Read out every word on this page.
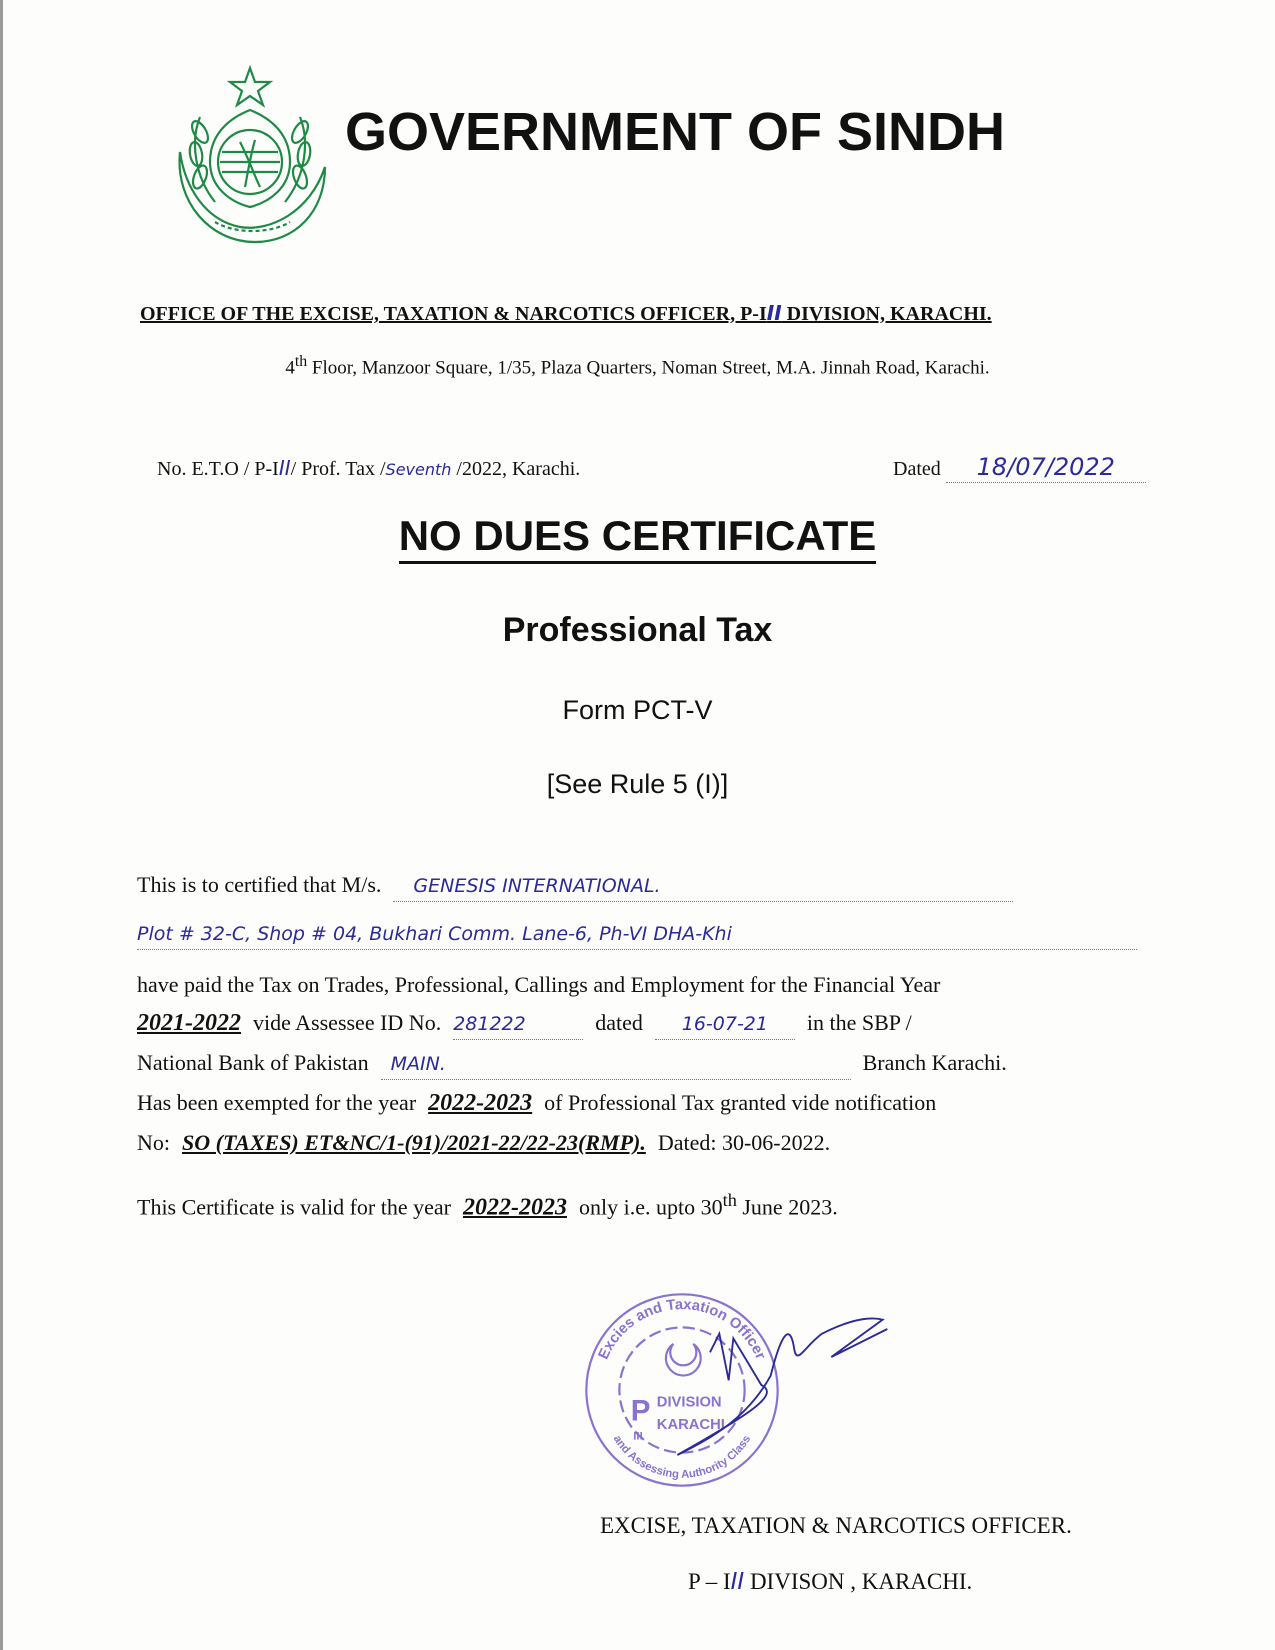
GOVERNMENT OF SINDH
OFFICE OF THE EXCISE, TAXATION & NARCOTICS OFFICER, P-III DIVISION, KARACHI.
4th Floor, Manzoor Square, 1/35, Plaza Quarters, Noman Street, M.A. Jinnah Road, Karachi.
No. E.T.O / P-III/ Prof. Tax /Seventh /2022, Karachi.	Dated 18/07/2022
NO DUES CERTIFICATE
Professional Tax
Form PCT-V
[See Rule 5 (I)]
This is to certified that M/s. GENESIS INTERNATIONAL.
Plot # 32-C, Shop # 04, Bukhari Comm. Lane-6, Ph-VI DHA-Khi
have paid the Tax on Trades, Professional, Callings and Employment for the Financial Year
2021-2022 vide Assessee ID No. 281222	dated 16-07-21 in the SBP /
National Bank of Pakistan MAIN.	Branch Karachi.
Has been exempted for the year 2022-2023 of Professional Tax granted vide notification
No: SO (TAXES) ET&NC/1-(91)/2021-22/22-23(RMP). Dated: 30-06-2022.
This Certificate is valid for the year 2022-2023 only i.e. upto 30th June 2023.
Excies and Taxation Officer
and Assessing Authority Class
P
III
DIVISION
KARACHI
EXCISE, TAXATION & NARCOTICS OFFICER.
P – III DIVISON , KARACHI.
